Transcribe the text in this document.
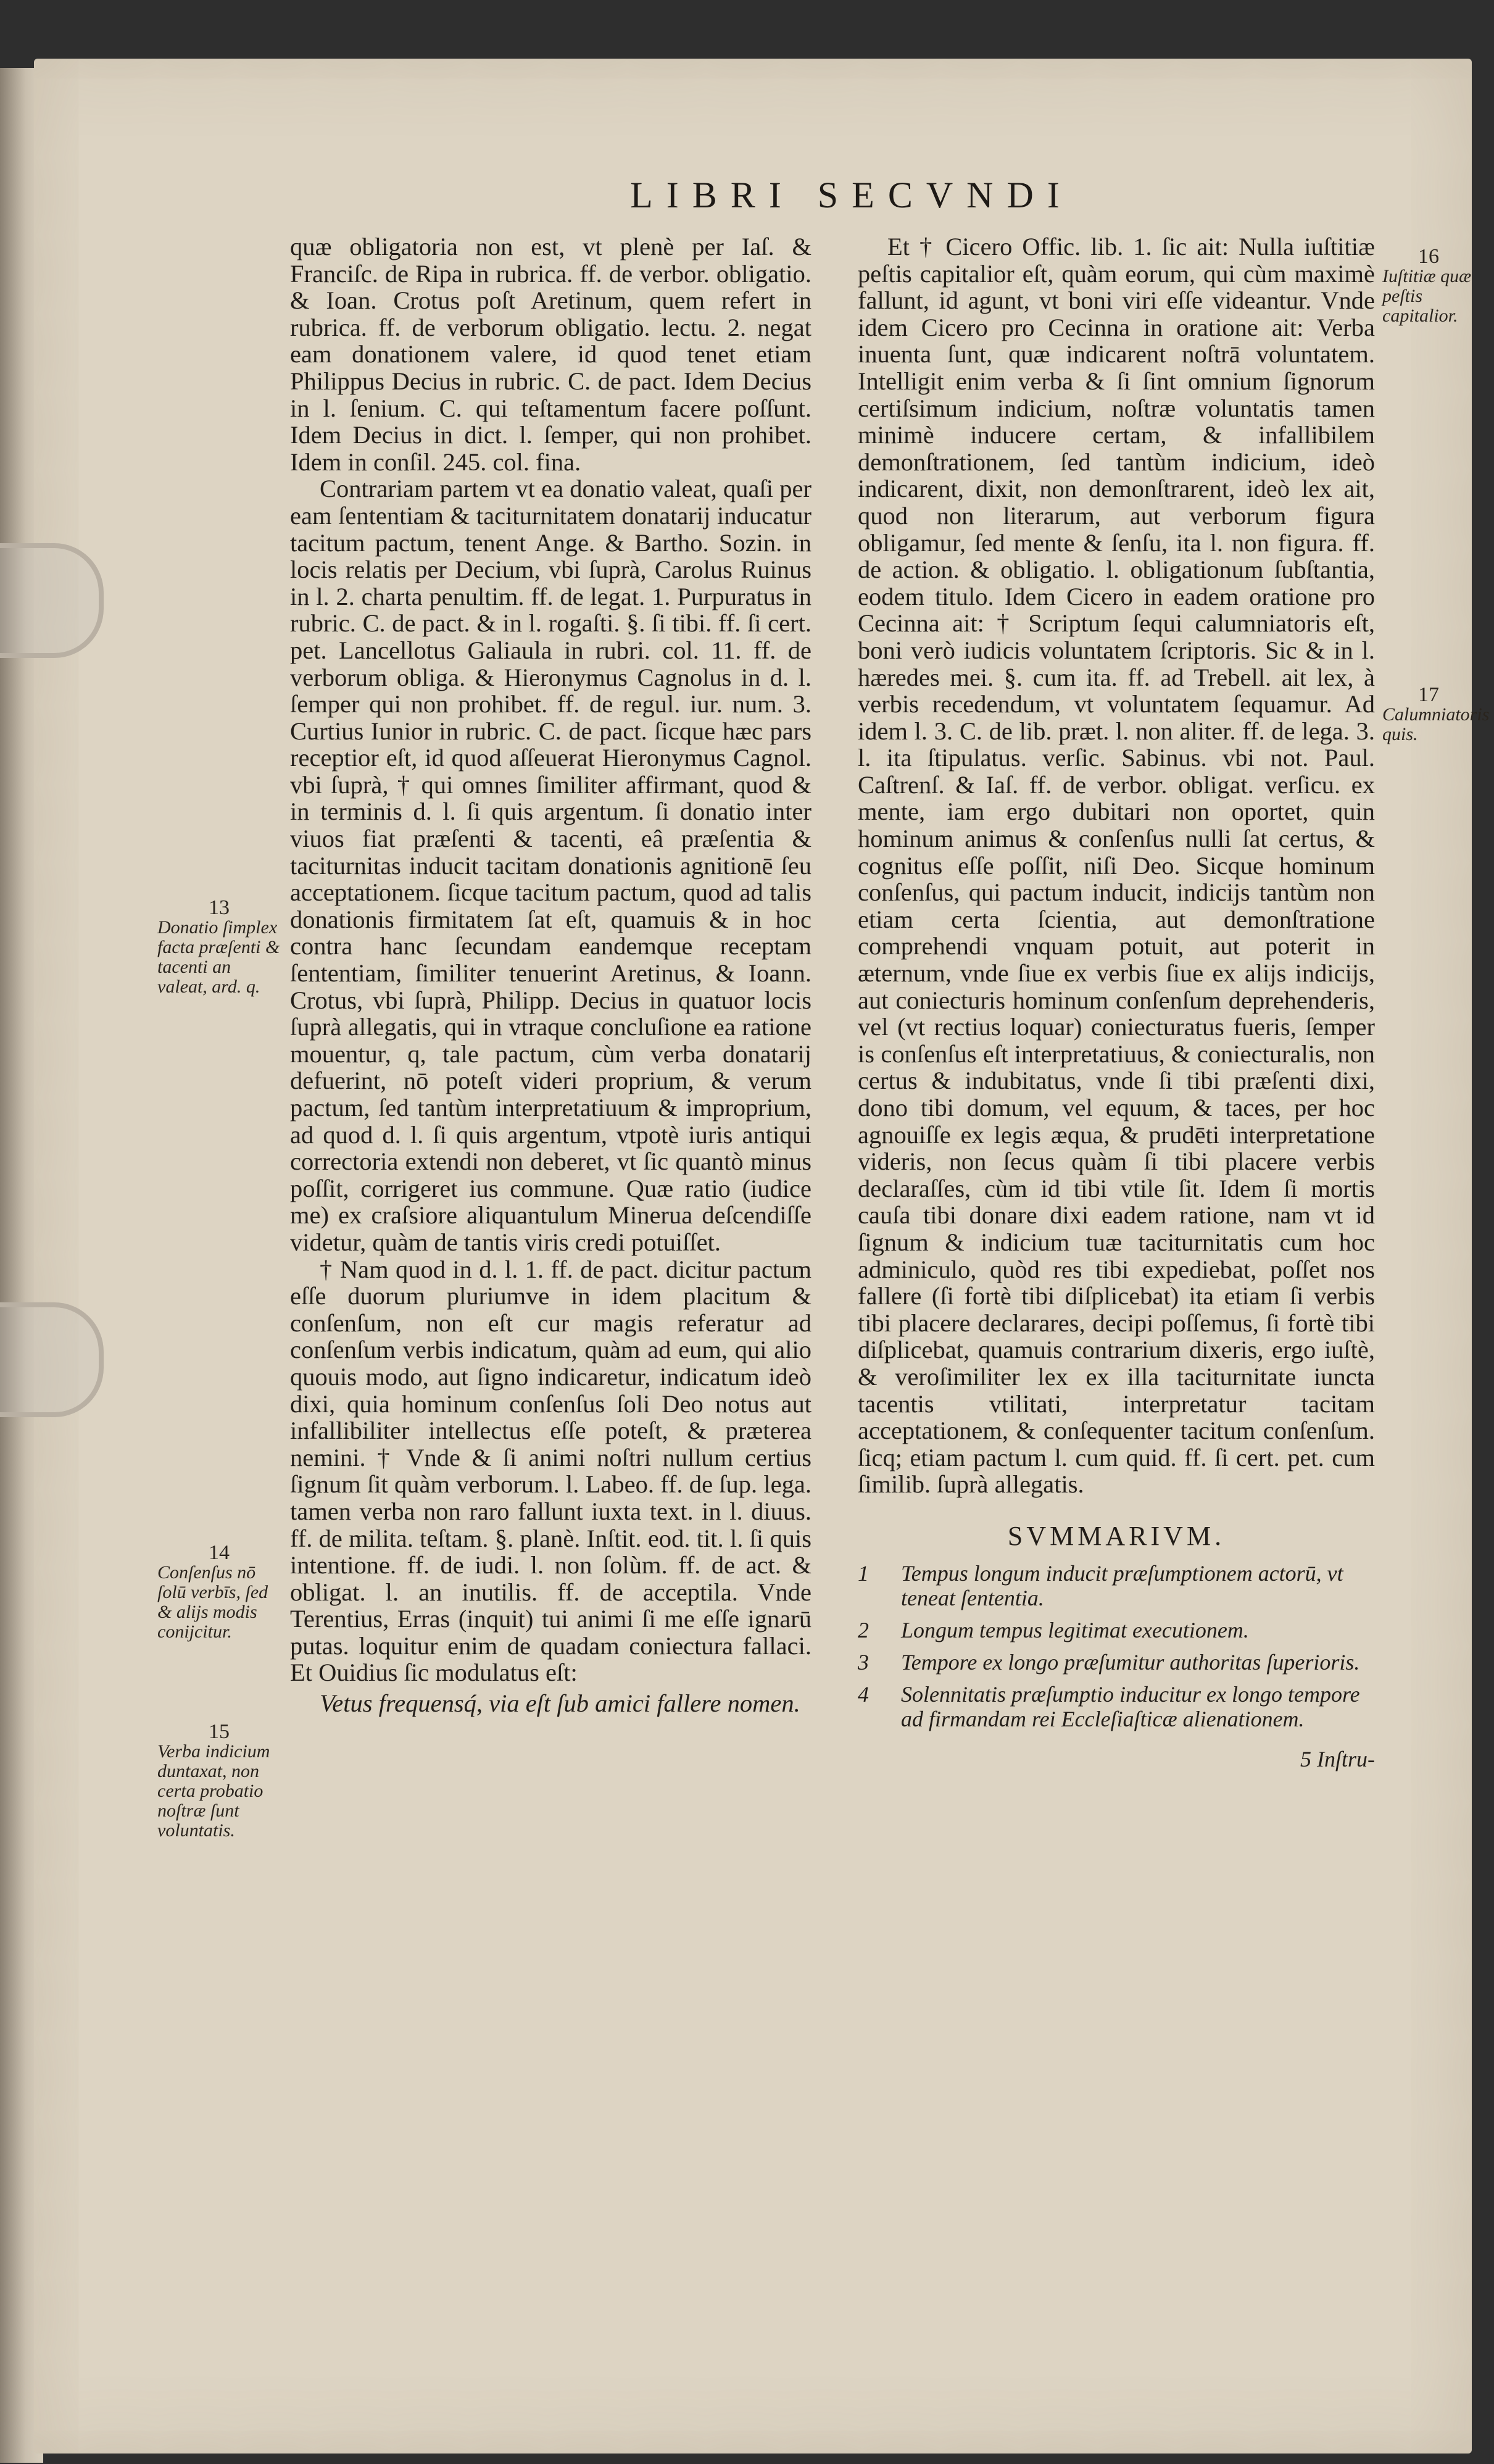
LIBRI SECVNDI

quæ obligatoria non est, vt plenè per Iaſ. & Franciſc. de Ripa in rubrica. ff. de verbor. obligatio. & Ioan. Crotus poſt Aretinum, quem refert in rubrica. ff. de verborum obligatio. lectu. 2. negat eam donationem valere, id quod tenet etiam Philippus Decius in rubric. C. de pact. Idem Decius in l. ſenium. C. qui teſtamentum facere poſſunt. Idem Decius in dict. l. ſemper, qui non prohibet. Idem in conſil. 245. col. fina.

Contrariam partem vt ea donatio valeat, quaſi per eam ſententiam & taciturnitatem donatarij inducatur tacitum pactum, tenent Ange. & Bartho. Sozin. in locis relatis per Decium, vbi ſuprà, Carolus Ruinus in l. 2. charta penultim. ff. de legat. 1. Purpuratus in rubric. C. de pact. & in l. rogaſti. §. ſi tibi. ff. ſi cert. pet. Lancellotus Galiaula in rubri. col. 11. ff. de verborum obliga. & Hieronymus Cagnolus in d. l. ſemper qui non prohibet. ff. de regul. iur. num. 3. Curtius Iunior in rubric. C. de pact. ſicque hæc pars receptior eſt, id quod aſſeuerat Hieronymus Cagnol. vbi ſuprà, † qui omnes ſimiliter affirmant, quod & in terminis d. l. ſi quis argentum. ſi donatio inter viuos fiat præſenti & tacenti, eâ præſentia & taciturnitas inducit tacitam donationis agnitionē ſeu acceptationem. ſicque tacitum pactum, quod ad talis donationis firmitatem ſat eſt, quamuis & in hoc contra hanc ſecundam eandemque receptam ſententiam, ſimiliter tenuerint Aretinus, & Ioann. Crotus, vbi ſuprà, Philipp. Decius in quatuor locis ſuprà allegatis, qui in vtraque concluſione ea ratione mouentur, q, tale pactum, cùm verba donatarij defuerint, nō poteſt videri proprium, & verum pactum, ſed tantùm interpretatiuum & improprium, ad quod d. l. ſi quis argentum, vtpotè iuris antiqui correctoria extendi non deberet, vt ſic quantò minus poſſit, corrigeret ius commune. Quæ ratio (iudice me) ex craſsiore aliquantulum Minerua deſcendiſſe videtur, quàm de tantis viris credi potuiſſet.

† Nam quod in d. l. 1. ff. de pact. dicitur pactum eſſe duorum pluriumve in idem placitum & conſenſum, non eſt cur magis referatur ad conſenſum verbis indicatum, quàm ad eum, qui alio quouis modo, aut ſigno indicaretur, indicatum ideò dixi, quia hominum conſenſus ſoli Deo notus aut infallibiliter intellectus eſſe poteſt, & præterea nemini. † Vnde & ſi animi noſtri nullum certius ſignum ſit quàm verborum. l. Labeo. ff. de ſup. lega. tamen verba non raro fallunt iuxta text. in l. diuus. ff. de milita. teſtam. §. planè. Inſtit. eod. tit. l. ſi quis intentione. ff. de iudi. l. non ſolùm. ff. de act. & obligat. l. an inutilis. ff. de acceptila. Vnde Terentius, Erras (inquit) tui animi ſi me eſſe ignarū putas. loquitur enim de quadam coniectura fallaci. Et Ouidius ſic modulatus eſt:

Vetus frequensq́, via eſt ſub amici fallere nomen.

Et † Cicero Offic. lib. 1. ſic ait: Nulla iuſtitiæ peſtis capitalior eſt, quàm eorum, qui cùm maximè fallunt, id agunt, vt boni viri eſſe videantur. Vnde idem Cicero pro Cecinna in oratione ait: Verba inuenta ſunt, quæ indicarent noſtrā voluntatem. Intelligit enim verba & ſi ſint omnium ſignorum certiſsimum indicium, noſtræ voluntatis tamen minimè inducere certam, & infallibilem demonſtrationem, ſed tantùm indicium, ideò indicarent, dixit, non demonſtrarent, ideò lex ait, quod non literarum, aut verborum figura obligamur, ſed mente & ſenſu, ita l. non figura. ff. de action. & obligatio. l. obligationum ſubſtantia, eodem titulo. Idem Cicero in eadem oratione pro Cecinna ait: † Scriptum ſequi calumniatoris eſt, boni verò iudicis voluntatem ſcriptoris. Sic & in l. hæredes mei. §. cum ita. ff. ad Trebell. ait lex, à verbis recedendum, vt voluntatem ſequamur. Ad idem l. 3. C. de lib. præt. l. non aliter. ff. de lega. 3. l. ita ſtipulatus. verſic. Sabinus. vbi not. Paul. Caſtrenſ. & Iaſ. ff. de verbor. obligat. verſicu. ex mente, iam ergo dubitari non oportet, quin hominum animus & conſenſus nulli ſat certus, & cognitus eſſe poſſit, niſi Deo. Sicque hominum conſenſus, qui pactum inducit, indicijs tantùm non etiam certa ſcientia, aut demonſtratione comprehendi vnquam potuit, aut poterit in æternum, vnde ſiue ex verbis ſiue ex alijs indicijs, aut coniecturis hominum conſenſum deprehenderis, vel (vt rectius loquar) coniecturatus fueris, ſemper is conſenſus eſt interpretatiuus, & coniecturalis, non certus & indubitatus, vnde ſi tibi præſenti dixi, dono tibi domum, vel equum, & taces, per hoc agnouiſſe ex legis æqua, & prudēti interpretatione videris, non ſecus quàm ſi tibi placere verbis declaraſſes, cùm id tibi vtile ſit. Idem ſi mortis cauſa tibi donare dixi eadem ratione, nam vt id ſignum & indicium tuæ taciturnitatis cum hoc adminiculo, quòd res tibi expediebat, poſſet nos fallere (ſi fortè tibi diſplicebat) ita etiam ſi verbis tibi placere declarares, decipi poſſemus, ſi fortè tibi diſplicebat, quamuis contrarium dixeris, ergo iuſtè, & veroſimiliter lex ex illa taciturnitate iuncta tacentis vtilitati, interpretatur tacitam acceptationem, & conſequenter tacitum conſenſum. ſicq; etiam pactum l. cum quid. ff. ſi cert. pet. cum ſimilib. ſuprà allegatis.

SVMMARIVM.
1 Tempus longum inducit præſumptionem actorū, vt teneat ſententia.
2 Longum tempus legitimat executionem.
3 Tempore ex longo præſumitur authoritas ſuperioris.
4 Solennitatis præſumptio inducitur ex longo tempore ad firmandam rei Eccleſiaſticæ alienationem.
5 Inſtru-
13
Donatio ſimplex facta præſenti & tacenti an valeat, ard. q.
14
Conſenſus nō ſolū verbīs, ſed & alijs modis conijcitur.
15
Verba indicium duntaxat, non certa probatio noſtræ ſunt voluntatis.
16
Iuſtitiæ quæ peſtis capitalior.
17
Calumniatoris quis.
